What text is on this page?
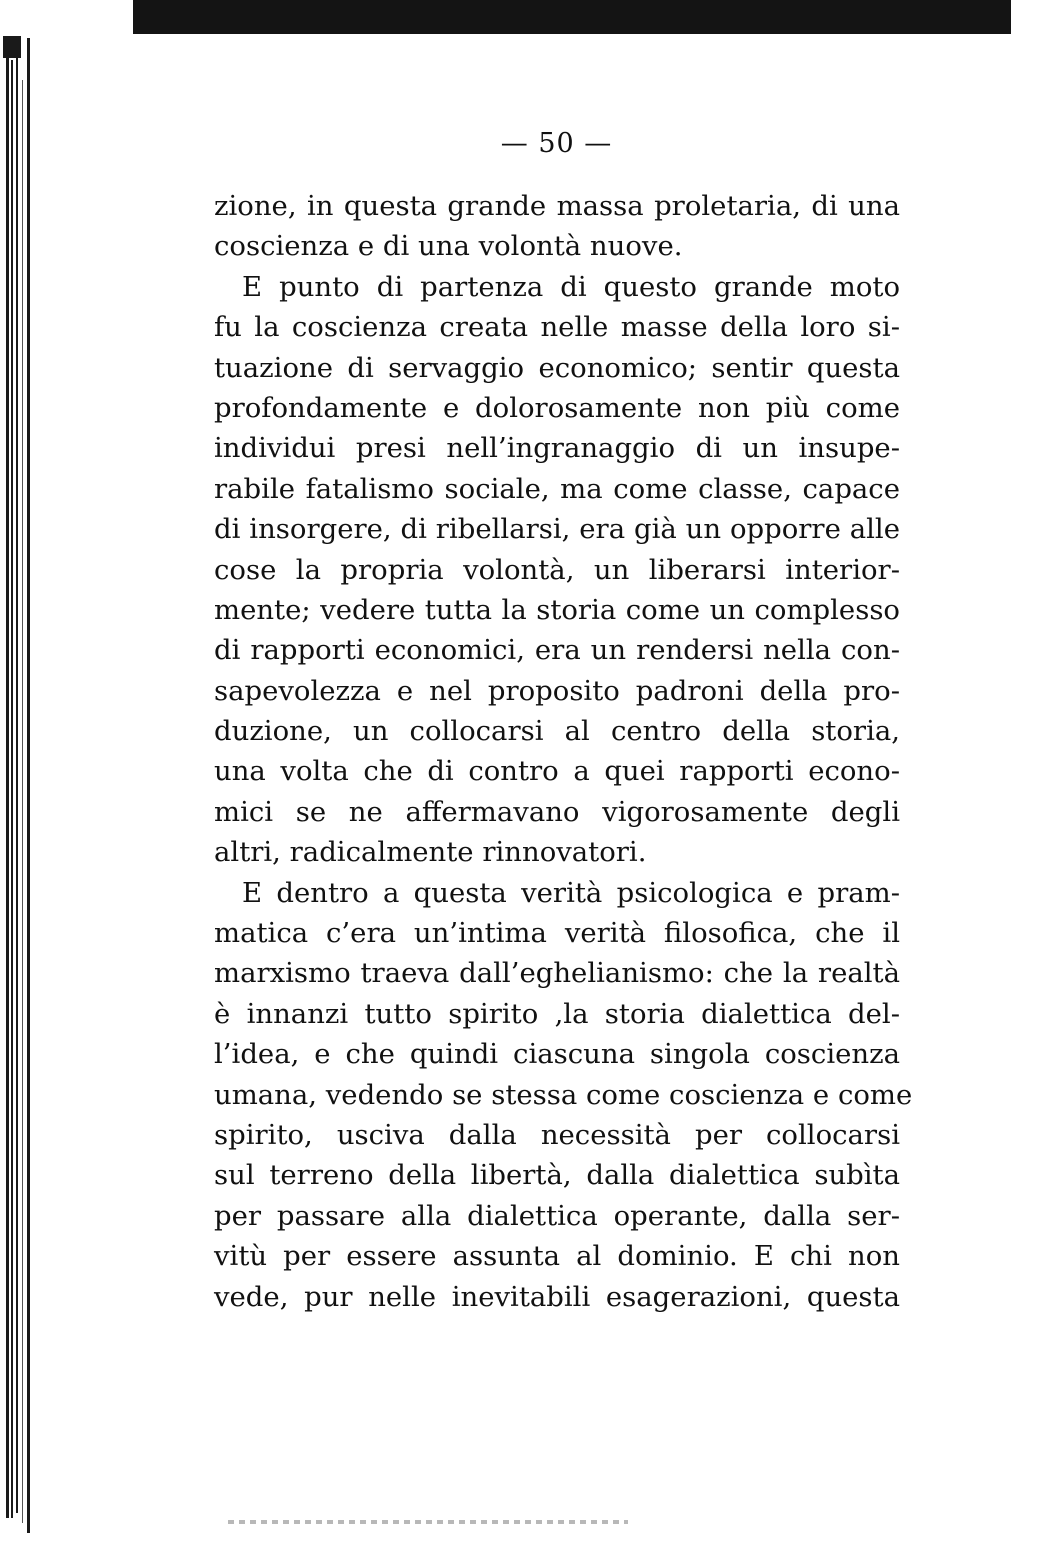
— 50 —
zione, in questa grande massa proletaria, di una
coscienza e di una volontà nuove.
E punto di partenza di questo grande moto
fu la coscienza creata nelle masse della loro si-
tuazione di servaggio economico; sentir questa
profondamente e dolorosamente non più come
individui presi nell’ingranaggio di un insupe-
rabile fatalismo sociale, ma come classe, capace
di insorgere, di ribellarsi, era già un opporre alle
cose la propria volontà, un liberarsi interior-
mente; vedere tutta la storia come un complesso
di rapporti economici, era un rendersi nella con-
sapevolezza e nel proposito padroni della pro-
duzione, un collocarsi al centro della storia,
una volta che di contro a quei rapporti econo-
mici se ne affermavano vigorosamente degli
altri, radicalmente rinnovatori.
E dentro a questa verità psicologica e pram-
matica c’era un’intima verità filosofica, che il
marxismo traeva dall’eghelianismo: che la realtà
è innanzi tutto spirito ,la storia dialettica del-
l’idea, e che quindi ciascuna singola coscienza
umana, vedendo se stessa come coscienza e come
spirito, usciva dalla necessità per collocarsi
sul terreno della libertà, dalla dialettica subìta
per passare alla dialettica operante, dalla ser-
vitù per essere assunta al dominio. E chi non
vede, pur nelle inevitabili esagerazioni, questa
